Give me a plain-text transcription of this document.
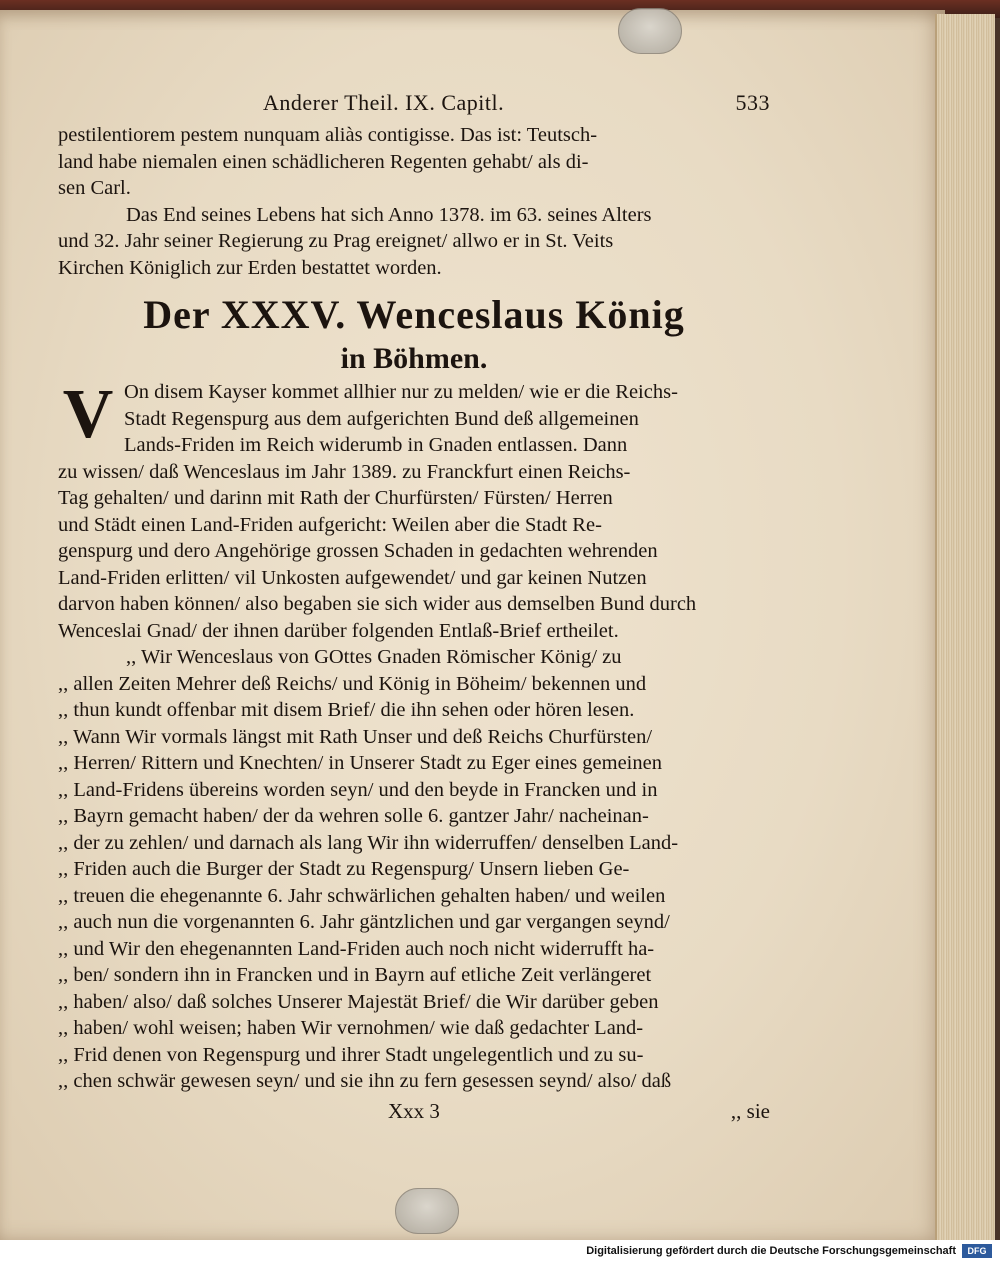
Anderer Theil. IX. Capitl.	533

pestilentiorem pestem nunquam aliàs contigisse. Das ist: Teutsch-
land habe niemalen einen schädlicheren Regenten gehabt/ als di-
sen Carl.

Das End seines Lebens hat sich Anno 1378. im 63. seines Alters
und 32. Jahr seiner Regierung zu Prag ereignet/ allwo er in St. Veits
Kirchen Königlich zur Erden bestattet worden.

Der XXXV. Wenceslaus König
in Böhmen.
V On disem Kayser kommet allhier nur zu melden/ wie er die Reichs-
Stadt Regenspurg aus dem aufgerichten Bund deß allgemeinen
Lands-Friden im Reich widerumb in Gnaden entlassen. Dann
zu wissen/ daß Wenceslaus im Jahr 1389. zu Franckfurt einen Reichs-
Tag gehalten/ und darinn mit Rath der Churfürsten/ Fürsten/ Herren
und Städt einen Land-Friden aufgericht: Weilen aber die Stadt Re-
genspurg und dero Angehörige grossen Schaden in gedachten wehrenden
Land-Friden erlitten/ vil Unkosten aufgewendet/ und gar keinen Nutzen
darvon haben können/ also begaben sie sich wider aus demselben Bund durch
Wenceslai Gnad/ der ihnen darüber folgenden Entlaß-Brief ertheilet.

,, Wir Wenceslaus von GOttes Gnaden Römischer König/ zu
,, allen Zeiten Mehrer deß Reichs/ und König in Böheim/ bekennen und
,, thun kundt offenbar mit disem Brief/ die ihn sehen oder hören lesen.
,, Wann Wir vormals längst mit Rath Unser und deß Reichs Churfürsten/
,, Herren/ Rittern und Knechten/ in Unserer Stadt zu Eger eines gemeinen
,, Land-Fridens übereins worden seyn/ und den beyde in Francken und in
,, Bayrn gemacht haben/ der da wehren solle 6. gantzer Jahr/ nacheinan-
,, der zu zehlen/ und darnach als lang Wir ihn widerruffen/ denselben Land-
,, Friden auch die Burger der Stadt zu Regenspurg/ Unsern lieben Ge-
,, treuen die ehegenannte 6. Jahr schwärlichen gehalten haben/ und weilen
,, auch nun die vorgenannten 6. Jahr gäntzlichen und gar vergangen seynd/
,, und Wir den ehegenannten Land-Friden auch noch nicht widerrufft ha-
,, ben/ sondern ihn in Francken und in Bayrn auf etliche Zeit verlängeret
,, haben/ also/ daß solches Unserer Majestät Brief/ die Wir darüber geben
,, haben/ wohl weisen; haben Wir vernohmen/ wie daß gedachter Land-
,, Frid denen von Regenspurg und ihrer Stadt ungelegentlich und zu su-
,, chen schwär gewesen seyn/ und sie ihn zu fern gesessen seynd/ also/ daß

Xxx 3	,, sie
Digitalisierung gefördert durch die Deutsche Forschungsgemeinschaft	DFG
